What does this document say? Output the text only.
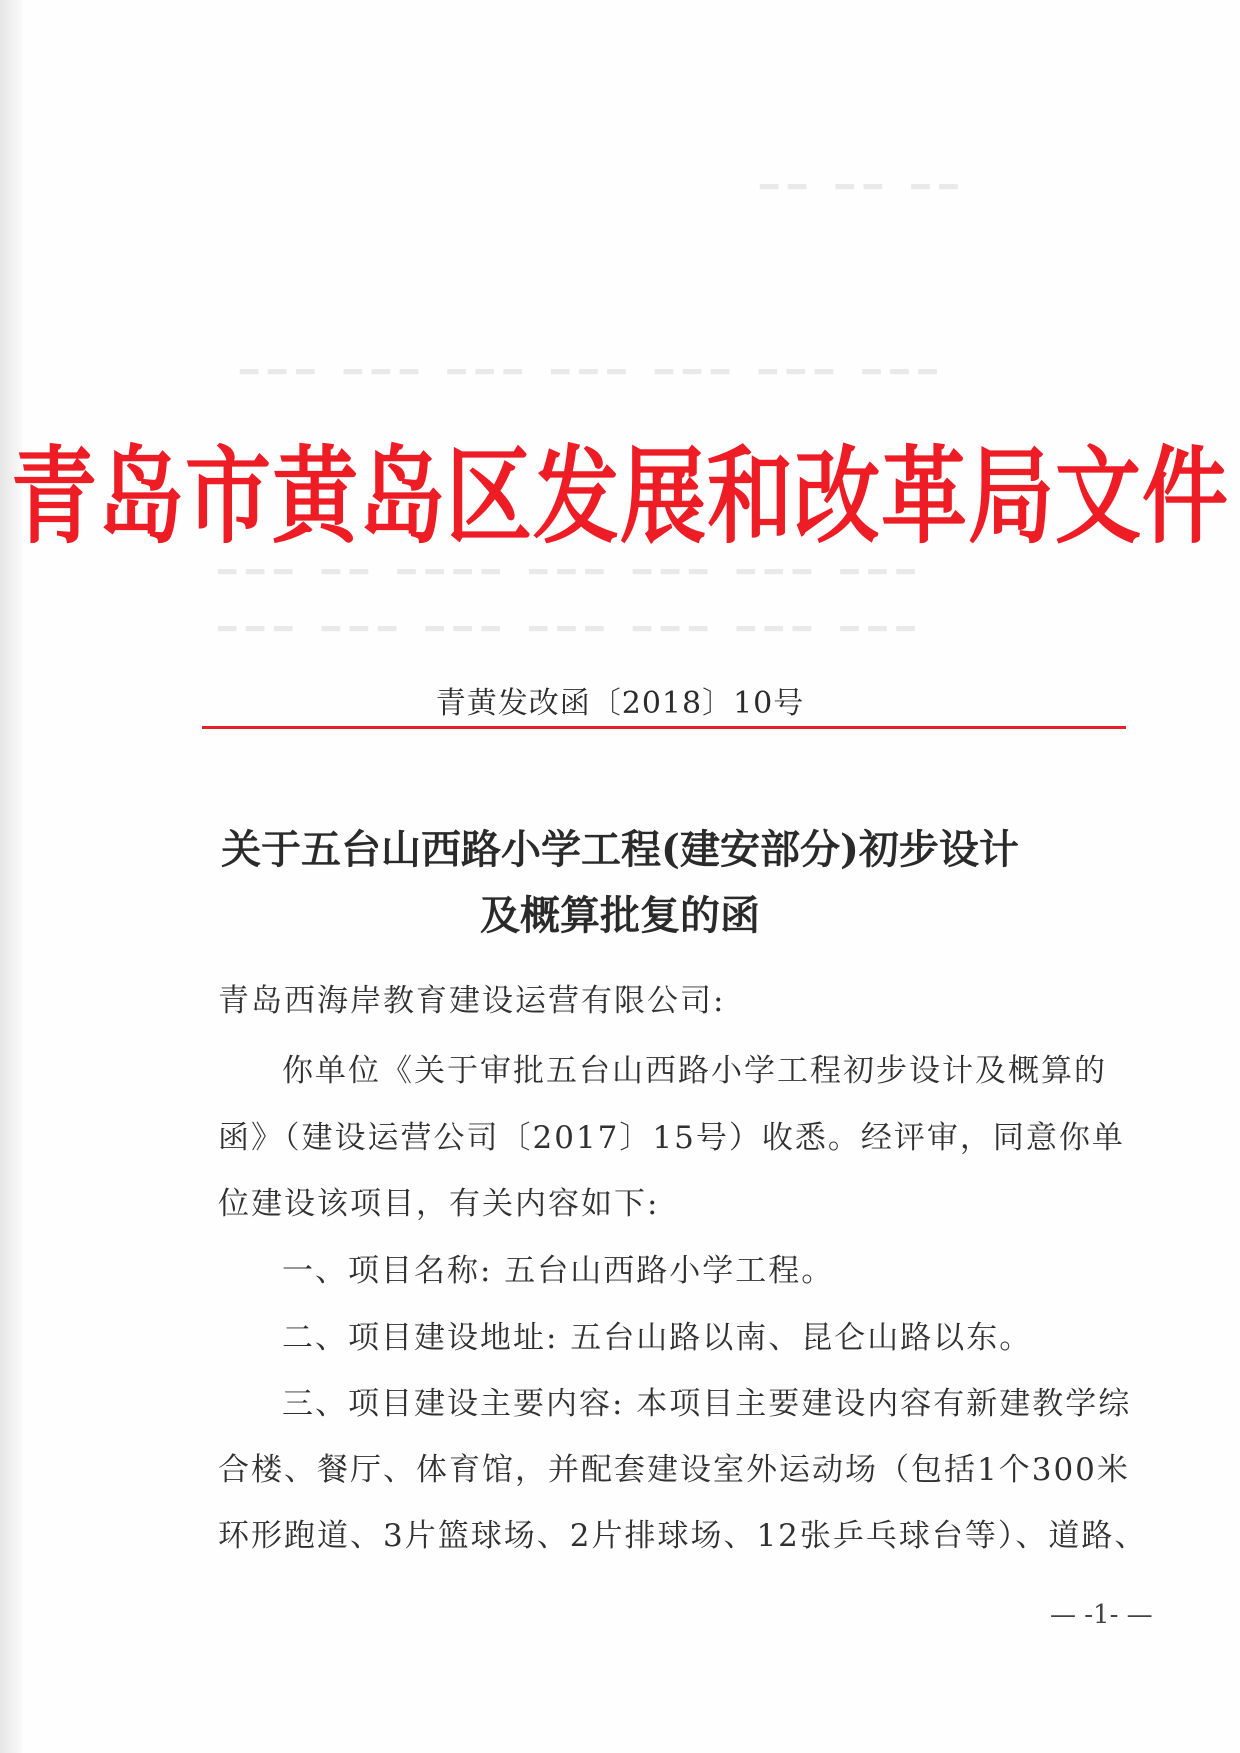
━━ ━━ ━━
━━━ ━━━ ━━━ ━━━ ━━━ ━━━ ━━━
━━━ ━━ ━━━━ ━━━ ━━━ ━━━ ━━━
━━━ ━━━ ━━━ ━━━ ━━━ ━━━ ━━━
青岛市黄岛区发展和改革局文件
青黄发改函〔2018〕10号
关于五台山西路小学工程(建安部分)初步设计
及概算批复的函
青岛西海岸教育建设运营有限公司:
你单位《关于审批五台山西路小学工程初步设计及概算的
函》（建设运营公司〔2017〕15号）收悉。经评审，同意你单
位建设该项目，有关内容如下:
一、项目名称: 五台山西路小学工程。
二、项目建设地址: 五台山路以南、昆仑山路以东。
三、项目建设主要内容: 本项目主要建设内容有新建教学综
合楼、餐厅、体育馆，并配套建设室外运动场（包括1个300米
环形跑道、3片篮球场、2片排球场、12张乒乓球台等）、道路、
— -1- —
